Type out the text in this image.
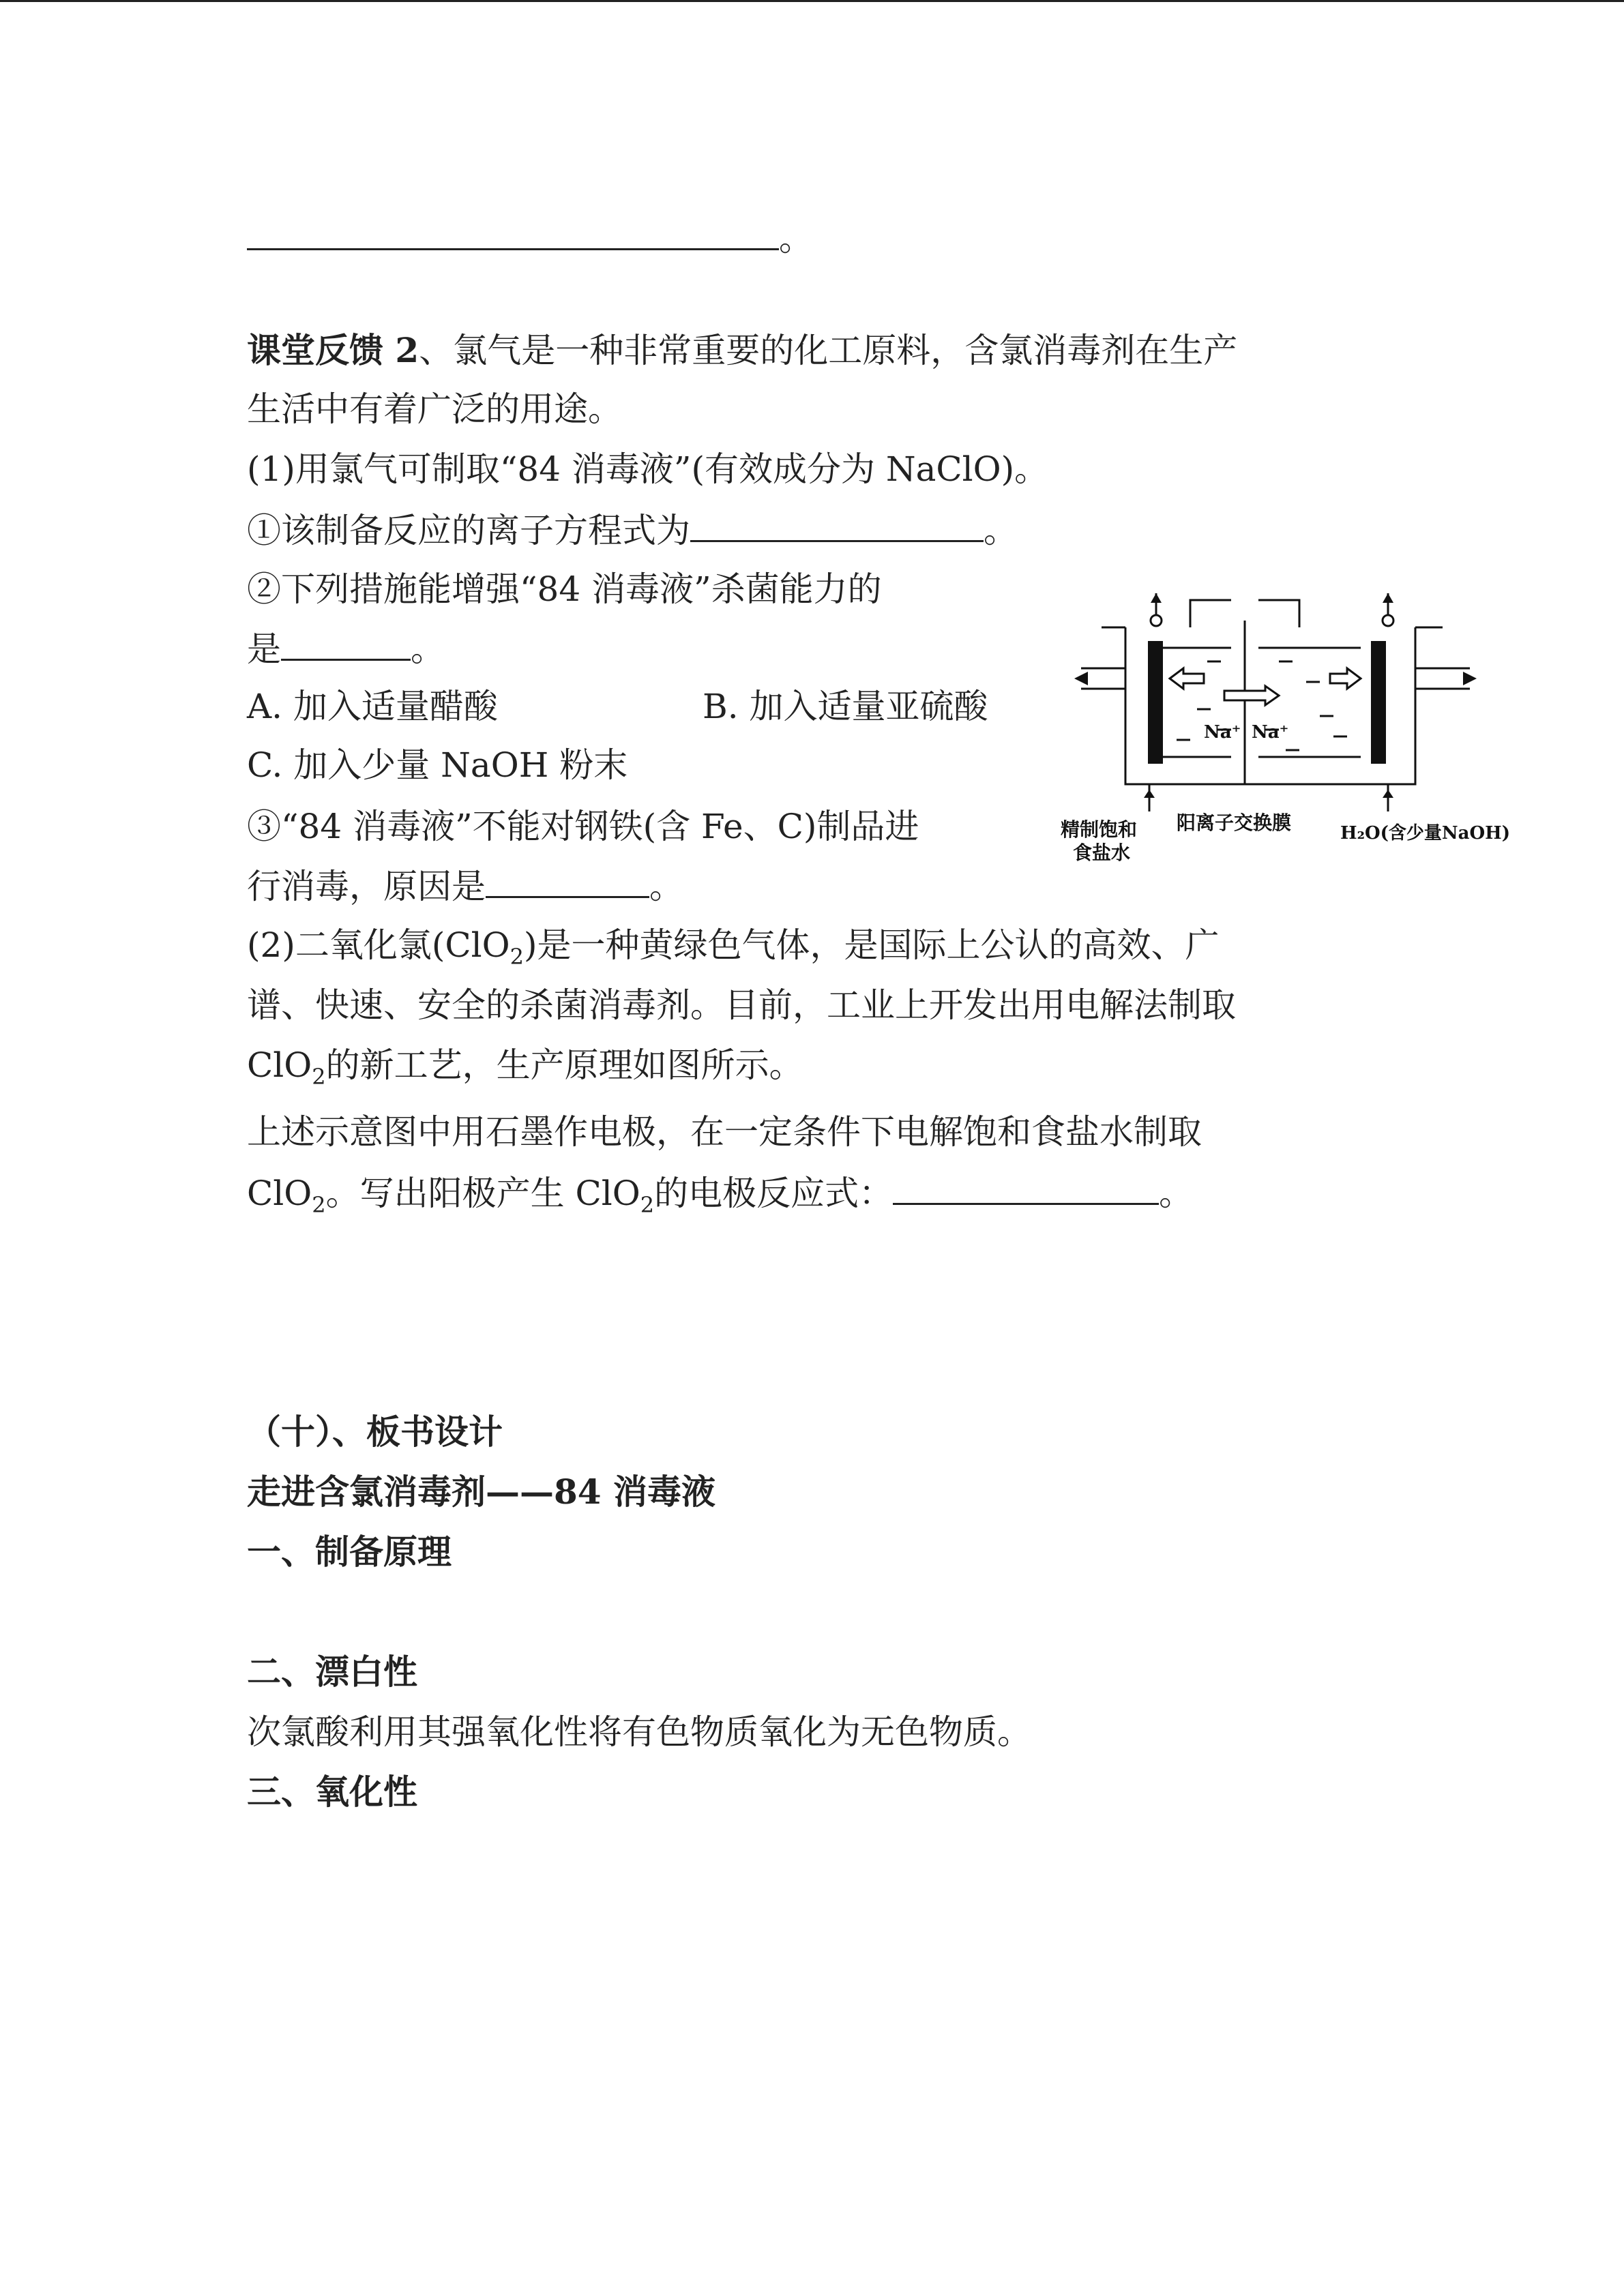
。
课堂反馈 2、氯气是一种非常重要的化工原料，含氯消毒剂在生产
生活中有着广泛的用途。
(1)用氯气可制取“84 消毒液”(有效成分为 NaClO)。
①该制备反应的离子方程式为	。
②下列措施能增强“84 消毒液”杀菌能力的
是	。
A. 加入适量醋酸	B. 加入适量亚硫酸
C. 加入少量 NaOH 粉末
③“84 消毒液”不能对钢铁(含 Fe、C)制品进
行消毒，原因是	。
(2)二氧化氯(ClO$_2$)是一种黄绿色气体，是国际上公认的高效、广
谱、快速、安全的杀菌消毒剂。目前，工业上开发出用电解法制取
ClO$_2$的新工艺，生产原理如图所示。
上述示意图中用石墨作电极，在一定条件下电解饱和食盐水制取
ClO$_2$。写出阳极产生 ClO$_2$的电极反应式：	。
Na⁺ Na⁺
精制饱和
食盐水
阳离子交换膜	H₂O(含少量NaOH)
（十）、板书设计
走进含氯消毒剂——84 消毒液
一、制备原理
二、漂白性
次氯酸利用其强氧化性将有色物质氧化为无色物质。
三、氧化性
